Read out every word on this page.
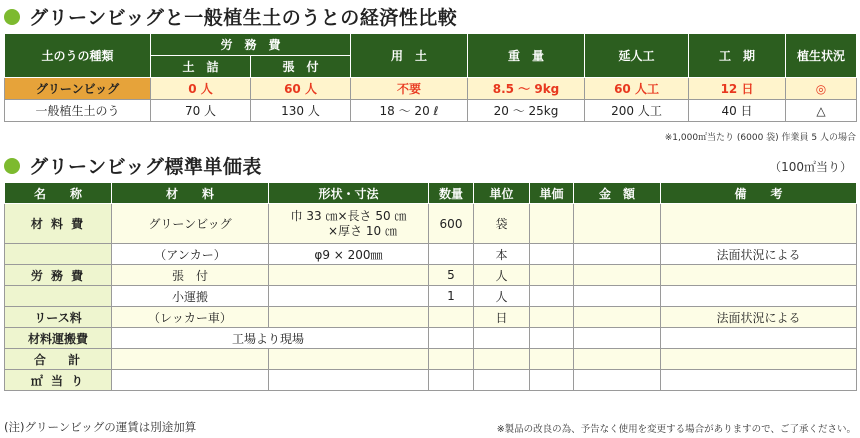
グリーンビッグと一般植生土のうとの経済性比較
土のうの種類	労　務　費		用　土	重　量	延人工	工　期	植生状況
	土　詰	張　付					
グリーンビッグ	0 人	60 人	不要	8.5 ～ 9kg	60 人工	12 日	◎
一般植生土のう	70 人	130 人	18 ～ 20 ℓ	20 ～ 25kg	200 人工	40 日	△
※1,000㎡当たり (6000 袋) 作業員 5 人の場合
グリーンビッグ標準単価表	（100㎡当り）
名　　称	材　　料	形状・寸法	数量	単位	単価	金　額	備　　考
材 料 費	グリーンビッグ	巾 33 ㎝×長さ 50 ㎝
×厚さ 10 ㎝	600	袋			
	（アンカー）	φ9 × 200㎜		本			法面状況による
労 務 費	張　付		5	人			
	小運搬		1	人			
リース料	（レッカー車）			日			法面状況による
材料運搬費	工場より現場						
合　 計							
㎡ 当 り							
(注)グリーンビッグの運賃は別途加算	※製品の改良の為、予告なく使用を変更する場合がありますので、ご了承ください。
